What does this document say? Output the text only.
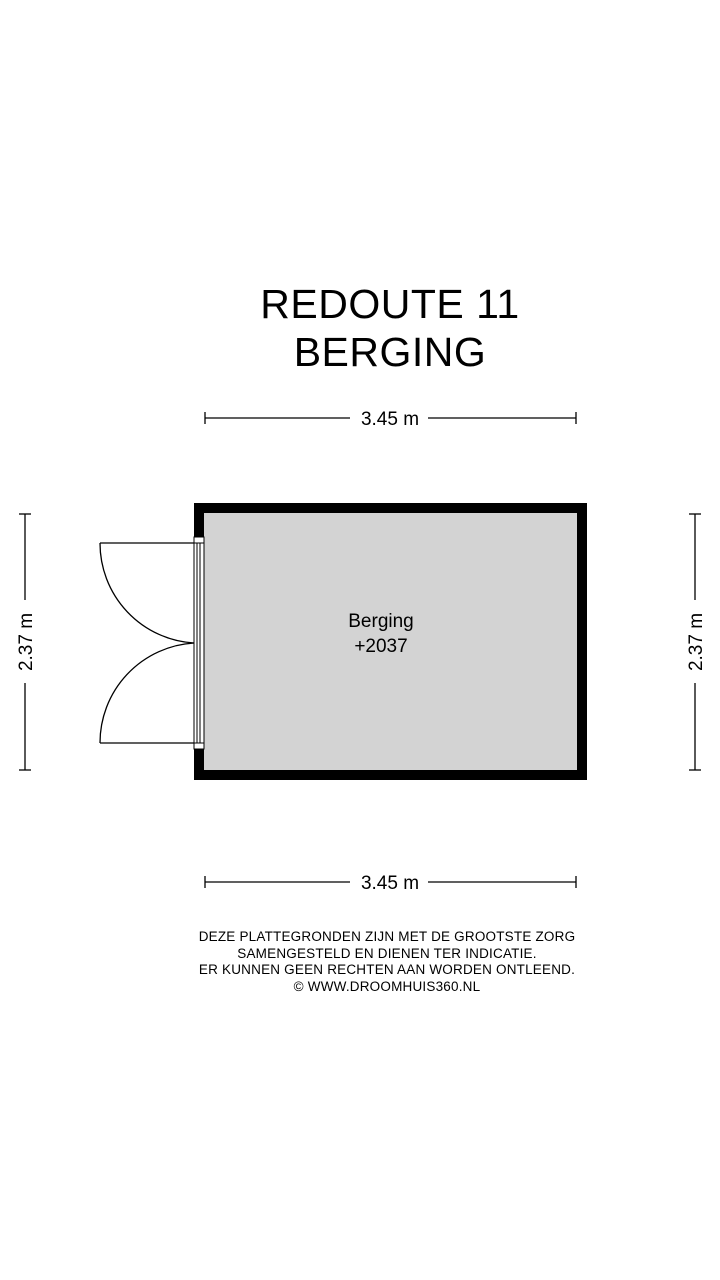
REDOUTE 11
BERGING
3.45 m
3.45 m
2.37 m	2.37 m
Berging
+2037
DEZE PLATTEGRONDEN ZIJN MET DE GROOTSTE ZORG
SAMENGESTELD EN DIENEN TER INDICATIE.
ER KUNNEN GEEN RECHTEN AAN WORDEN ONTLEEND.
© WWW.DROOMHUIS360.NL
